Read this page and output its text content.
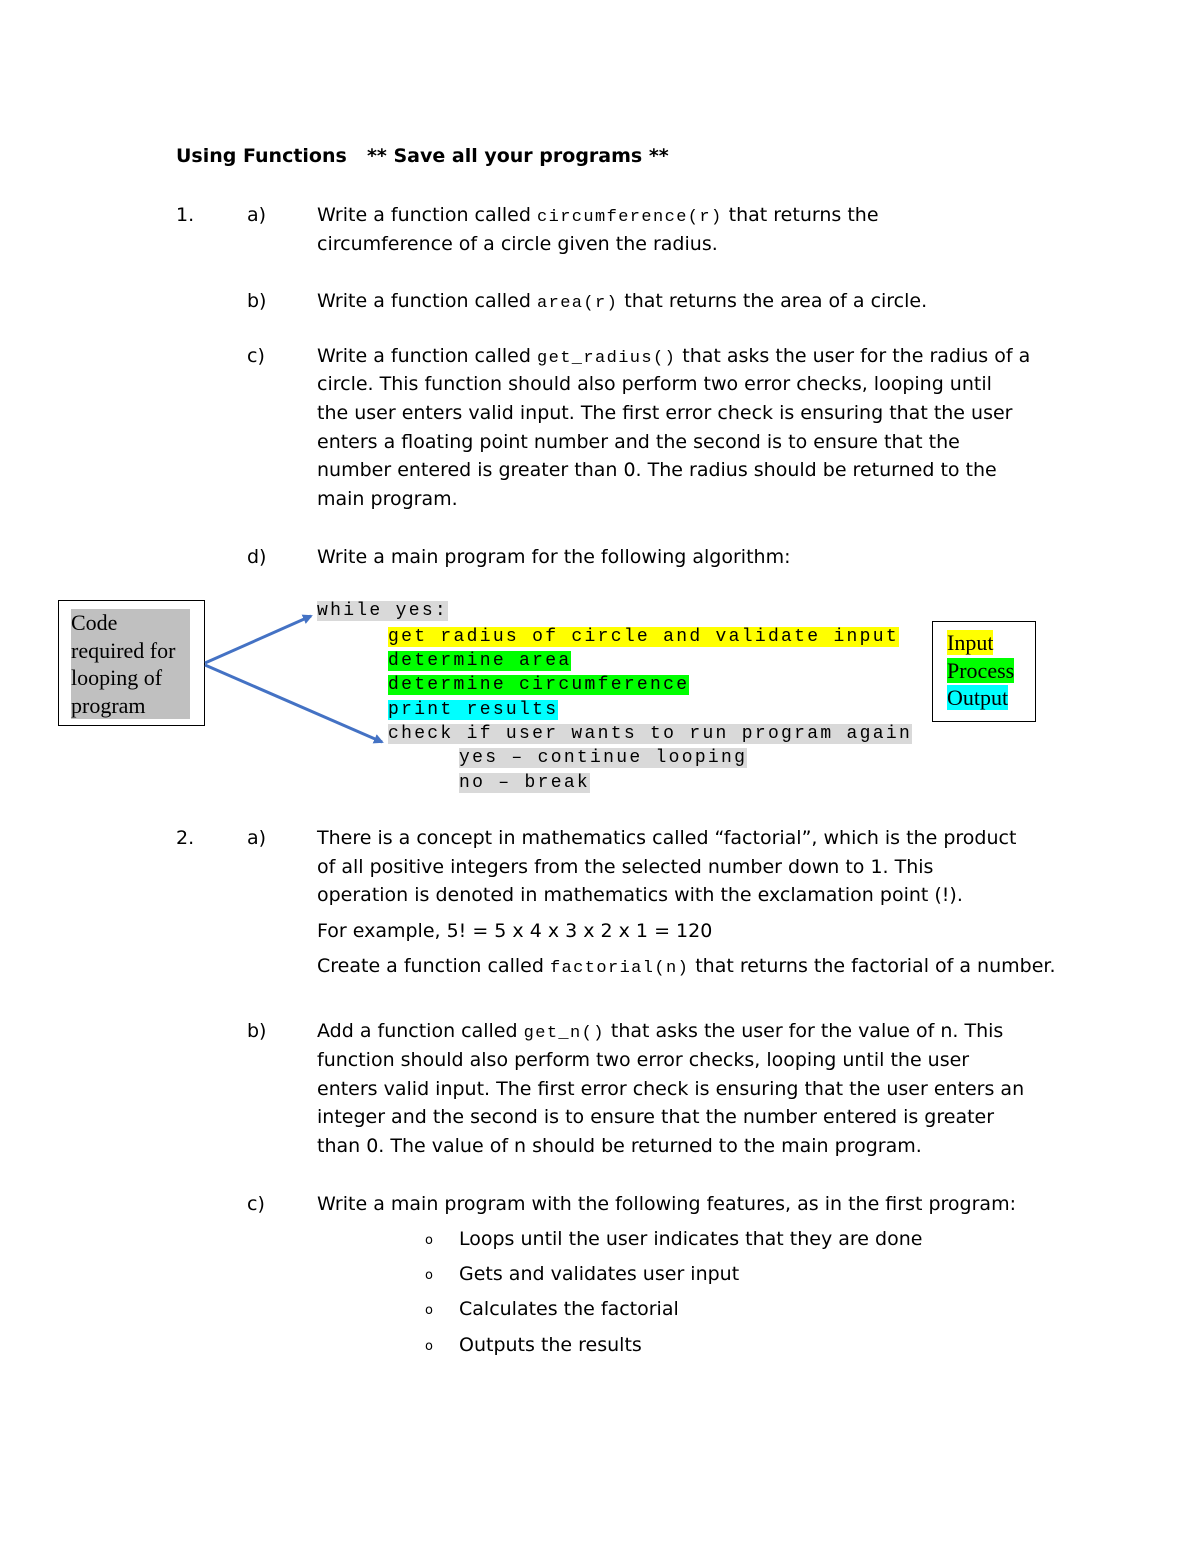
Using Functions ** Save all your programs **
1.	a)	Write a function called circumference(r) that returns the
circumference of a circle given the radius.
b)	Write a function called area(r) that returns the area of a circle.
c)	Write a function called get_radius() that asks the user for the radius of a
circle. This function should also perform two error checks, looping until
the user enters valid input. The first error check is ensuring that the user
enters a floating point number and the second is to ensure that the
number entered is greater than 0. The radius should be returned to the
main program.
d)	Write a main program for the following algorithm:
Code
required for
looping of
program
while yes:
get radius of circle and validate input
determine area
determine circumference
print results
check if user wants to run program again
yes – continue looping
no – break
Input
Process
Output
2.	a)	There is a concept in mathematics called “factorial”, which is the product
of all positive integers from the selected number down to 1. This
operation is denoted in mathematics with the exclamation point (!).
For example, 5! = 5 x 4 x 3 x 2 x 1 = 120
Create a function called factorial(n) that returns the factorial of a number.
b)	Add a function called get_n() that asks the user for the value of n. This
function should also perform two error checks, looping until the user
enters valid input. The first error check is ensuring that the user enters an
integer and the second is to ensure that the number entered is greater
than 0. The value of n should be returned to the main program.
c)	Write a main program with the following features, as in the first program:
o Loops until the user indicates that they are done
o Gets and validates user input
o Calculates the factorial
o Outputs the results
